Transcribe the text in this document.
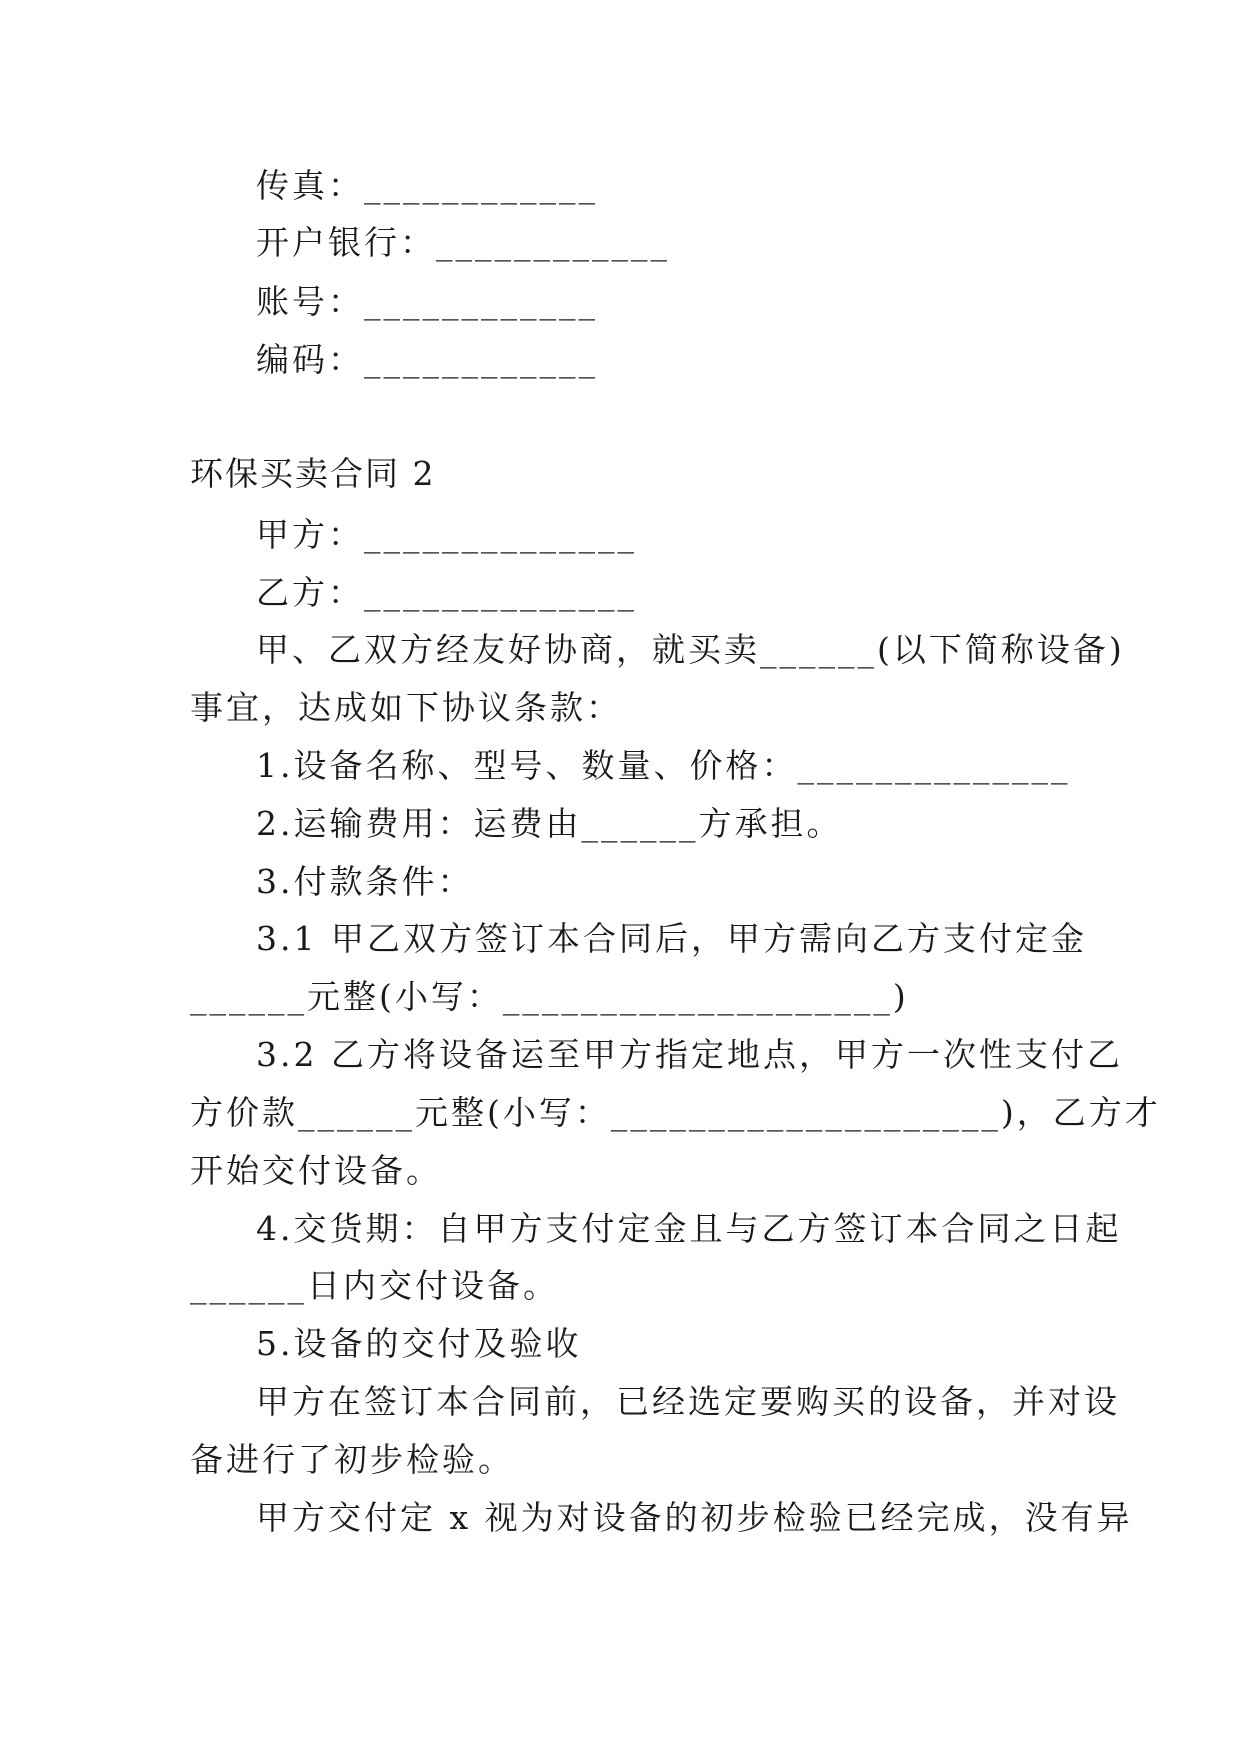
传真：____________
开户银行：____________
账号：____________
编码：____________
环保买卖合同 2
甲方：______________
乙方：______________
甲、乙双方经友好协商，就买卖______(以下简称设备)
事宜，达成如下协议条款：
1.设备名称、型号、数量、价格：______________
2.运输费用：运费由______方承担。
3.付款条件：
3.1 甲乙双方签订本合同后，甲方需向乙方支付定金
______元整(小写：____________________)
3.2 乙方将设备运至甲方指定地点，甲方一次性支付乙
方价款______元整(小写：____________________)，乙方才
开始交付设备。
4.交货期：自甲方支付定金且与乙方签订本合同之日起
______日内交付设备。
5.设备的交付及验收
甲方在签订本合同前，已经选定要购买的设备，并对设
备进行了初步检验。
甲方交付定 x 视为对设备的初步检验已经完成，没有异
